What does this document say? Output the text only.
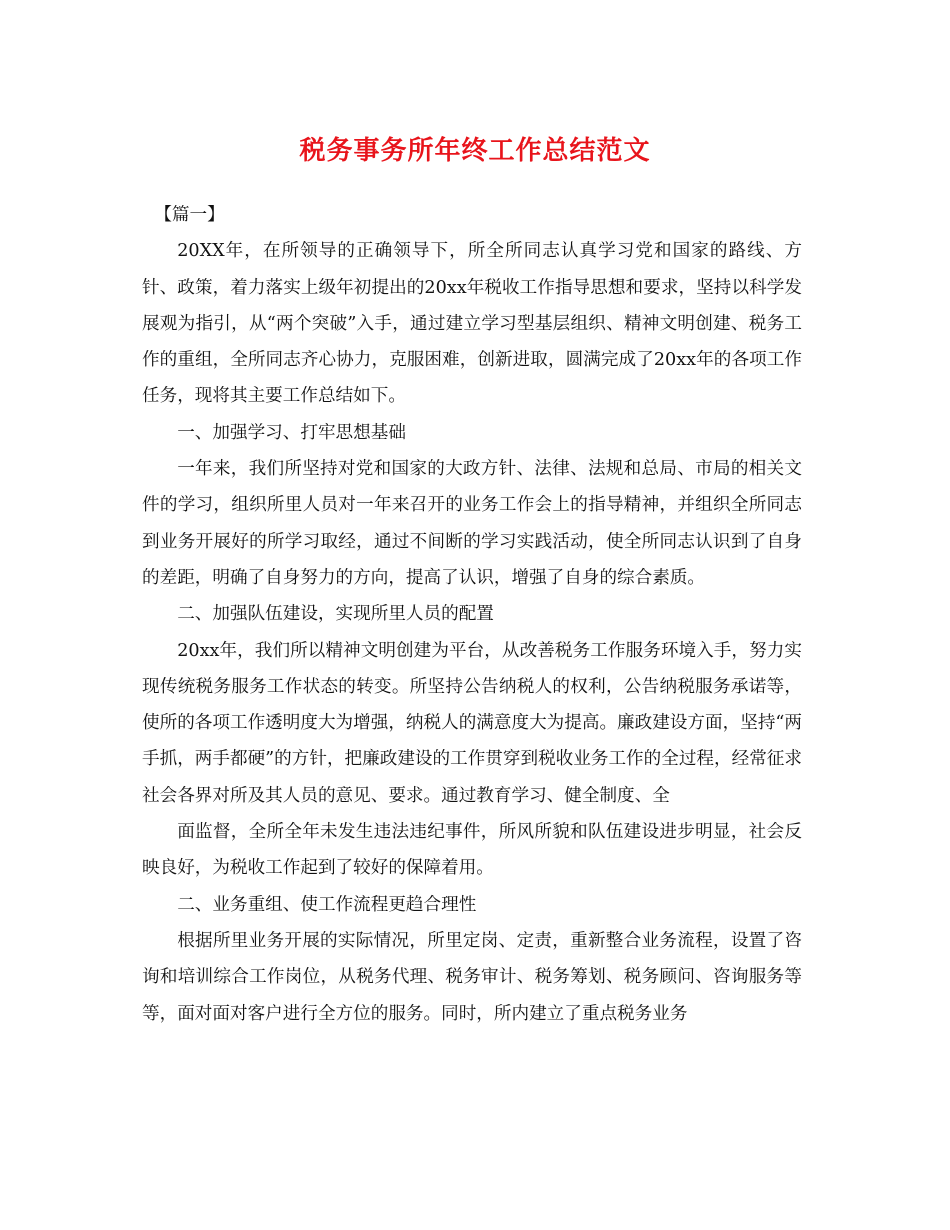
税务事务所年终工作总结范文

【篇一】

20XX年，在所领导的正确领导下，所全所同志认真学习党和国家的路线、方针、政策，着力落实上级年初提出的20xx年税收工作指导思想和要求，坚持以科学发展观为指引，从“两个突破”入手，通过建立学习型基层组织、精神文明创建、税务工作的重组，全所同志齐心协力，克服困难，创新进取，圆满完成了20xx年的各项工作任务，现将其主要工作总结如下。

一、加强学习、打牢思想基础

一年来，我们所坚持对党和国家的大政方针、法律、法规和总局、市局的相关文件的学习，组织所里人员对一年来召开的业务工作会上的指导精神，并组织全所同志到业务开展好的所学习取经，通过不间断的学习实践活动，使全所同志认识到了自身的差距，明确了自身努力的方向，提高了认识，增强了自身的综合素质。

二、加强队伍建设，实现所里人员的配置

20xx年，我们所以精神文明创建为平台，从改善税务工作服务环境入手，努力实现传统税务服务工作状态的转变。所坚持公告纳税人的权利，公告纳税服务承诺等，使所的各项工作透明度大为增强，纳税人的满意度大为提高。廉政建设方面，坚持“两手抓，两手都硬”的方针，把廉政建设的工作贯穿到税收业务工作的全过程，经常征求社会各界对所及其人员的意见、要求。通过教育学习、健全制度、全

面监督，全所全年未发生违法违纪事件，所风所貌和队伍建设进步明显，社会反映良好，为税收工作起到了较好的保障着用。

二、业务重组、使工作流程更趋合理性

根据所里业务开展的实际情况，所里定岗、定责，重新整合业务流程，设置了咨询和培训综合工作岗位，从税务代理、税务审计、税务筹划、税务顾问、咨询服务等等，面对面对客户进行全方位的服务。同时，所内建立了重点税务业务
